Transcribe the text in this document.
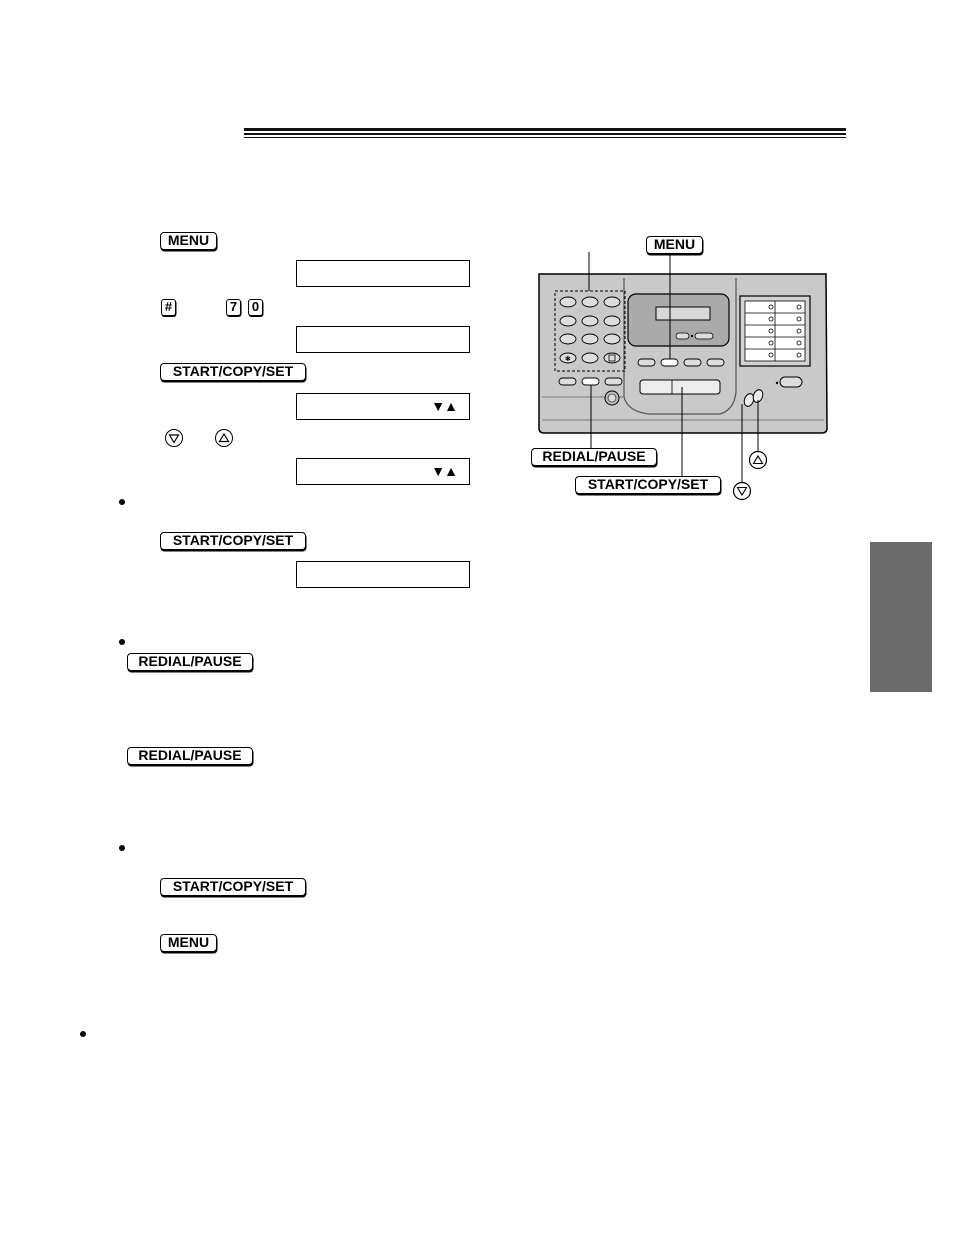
MENU
#	7 0
START/COPY/SET
▼▲
▼▲
START/COPY/SET
REDIAL/PAUSE
REDIAL/PAUSE
START/COPY/SET
MENU
∗
MENU
REDIAL/PAUSE
START/COPY/SET
